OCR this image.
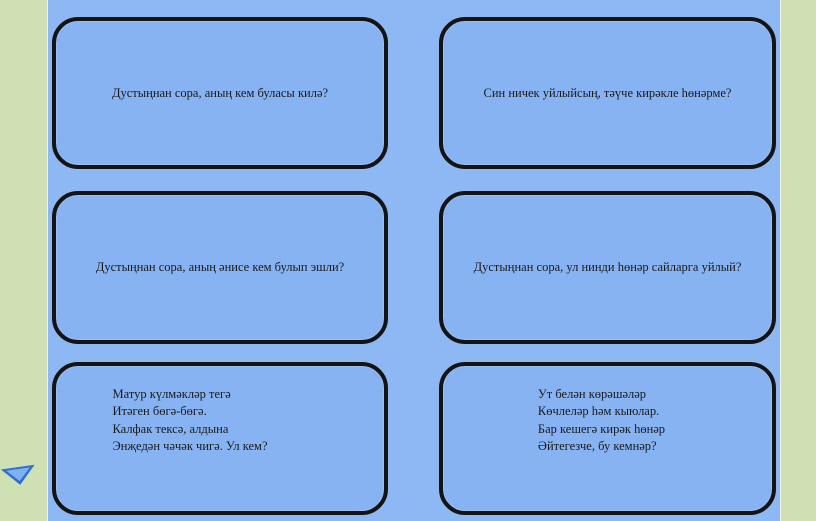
Дустыңнан сора, аның кем буласы килә?	Син ничек уйлыйсың, тәүче кирәкле һөнәрме?
Дустыңнан сора, аның әнисе кем булып эшли?	Дустыңнан сора, ул нинди һөнәр сайларга уйлый?
Матур күлмәкләр тегә
Итәген бөгә-бөгә.
Калфак тексә, алдына
Энҗедән чәчәк чигә. Ул кем?
Ут белән көрәшәләр
Көчлеләр һәм кыюлар.
Бар кешегә кирәк һөнәр
Әйтегезче, бу кемнәр?
